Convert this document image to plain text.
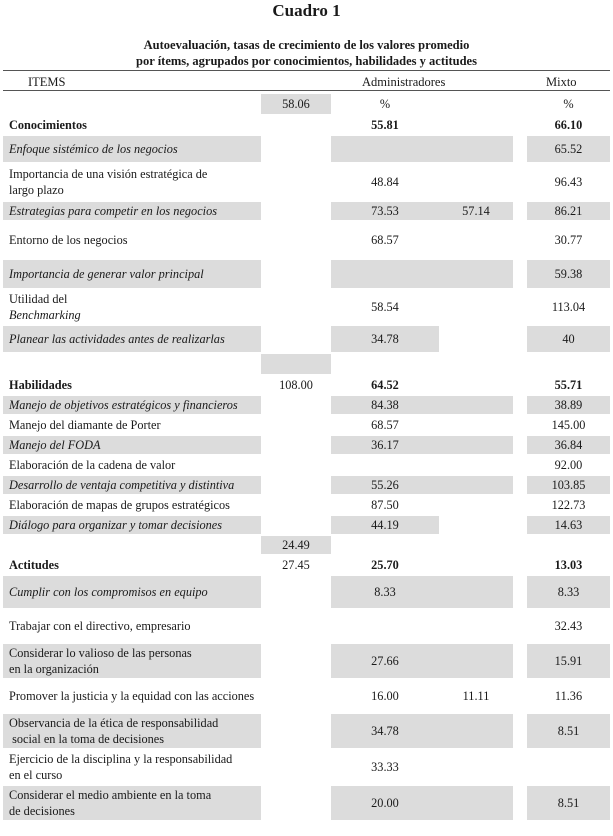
Cuadro 1
Autoevaluación, tasas de crecimiento de los valores promedio
por ítems, agrupados por conocimientos, habilidades y actitudes
ITEMS	Administradores	Mixto
	58.06	%			%
Conocimientos		55.81			66.10
Enfoque sistémico de los negocios					65.52
Importancia de una visión estratégica de
largo plazo		48.84			96.43
Estrategias para competir en los negocios		73.53	57.14		86.21
Entorno de los negocios		68.57			30.77
Importancia de generar valor principal					59.38
Utilidad del
Benchmarking		58.54			113.04
Planear las actividades antes de realizarlas		34.78			40

Habilidades	108.00	64.52			55.71
Manejo de objetivos estratégicos y financieros		84.38			38.89
Manejo del diamante de Porter		68.57			145.00
Manejo del FODA		36.17			36.84
Elaboración de la cadena de valor					92.00
Desarrollo de ventaja competitiva y distintiva		55.26			103.85
Elaboración de mapas de grupos estratégicos		87.50			122.73
Diálogo para organizar y tomar decisiones		44.19			14.63
	24.49				
Actitudes	27.45	25.70			13.03
Cumplir con los compromisos en equipo		8.33			8.33
Trabajar con el directivo, empresario					32.43
Considerar lo valioso de las personas
en la organización		27.66			15.91
Promover la justicia y la equidad con las acciones		16.00	11.11		11.36
Observancia de la ética de responsabilidad
social en la toma de decisiones		34.78			8.51
Ejercicio de la disciplina y la responsabilidad
en el curso		33.33			
Considerar el medio ambiente en la toma
de decisiones		20.00			8.51
